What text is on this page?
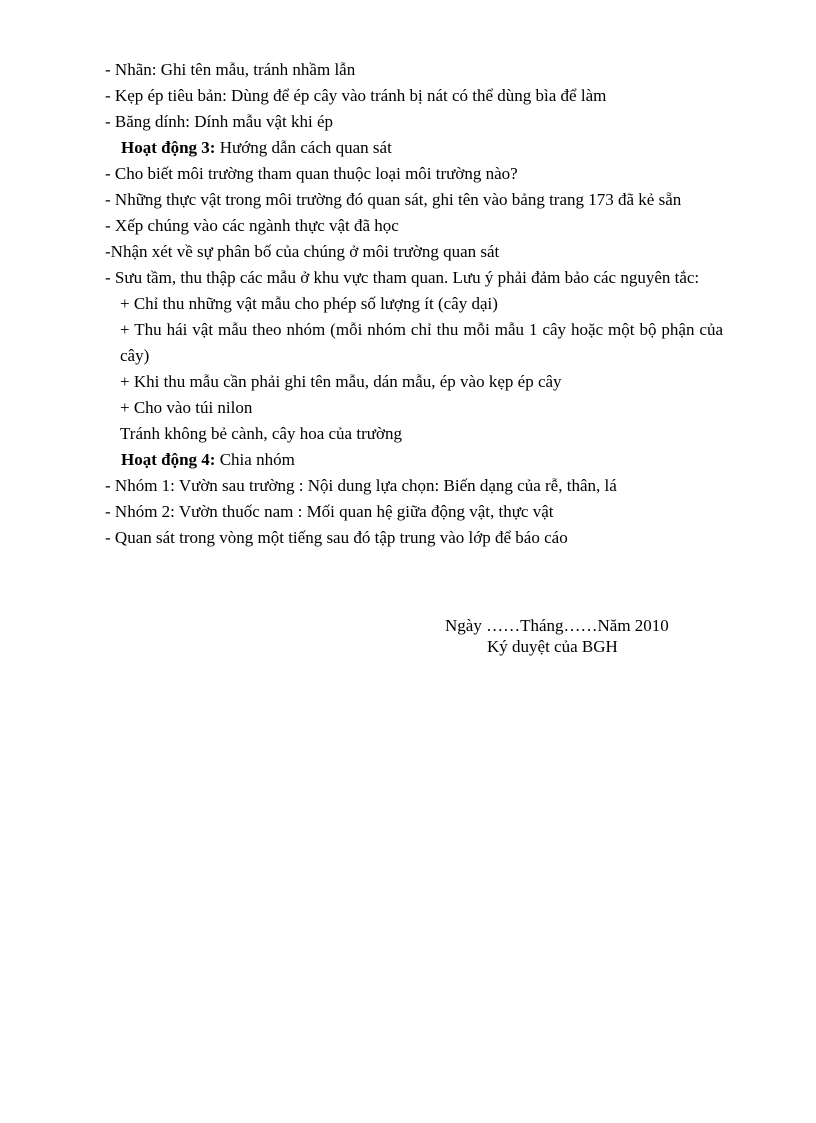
- Nhãn: Ghi tên mẫu, tránh nhầm lẫn
- Kẹp ép tiêu bản: Dùng để ép cây vào tránh bị nát có thể dùng bìa để làm
- Băng dính: Dính mẫu vật khi ép
Hoạt động 3: Hướng dẫn cách quan sát
- Cho biết môi trường tham quan thuộc loại môi trường nào?
- Những thực vật trong môi trường đó quan sát, ghi tên vào bảng trang 173 đã kẻ sẵn
- Xếp chúng vào các ngành thực vật đã học
-Nhận xét về sự phân bố của chúng ở môi trường quan sát
- Sưu tầm, thu thập các mẫu ở khu vực tham quan. Lưu ý phải đảm bảo các nguyên tắc:
+ Chỉ thu những vật mẫu cho phép số lượng ít (cây dại)
+ Thu hái vật mẫu theo nhóm (mỗi nhóm chỉ thu mỗi mẫu 1 cây hoặc một bộ phận của cây)
+ Khi thu mẫu cần phải ghi tên mẫu, dán mẫu, ép vào kẹp ép cây
+ Cho vào túi nilon
Tránh không bẻ cành, cây hoa của trường
Hoạt động 4: Chia nhóm
- Nhóm 1: Vườn sau trường : Nội dung lựa chọn: Biến dạng của rễ, thân, lá
- Nhóm 2: Vườn thuốc nam : Mối quan hệ giữa động vật, thực vật
- Quan sát trong vòng một tiếng sau đó tập trung vào lớp để báo cáo
Ngày ……Tháng……Năm 2010
Ký duyệt của BGH
